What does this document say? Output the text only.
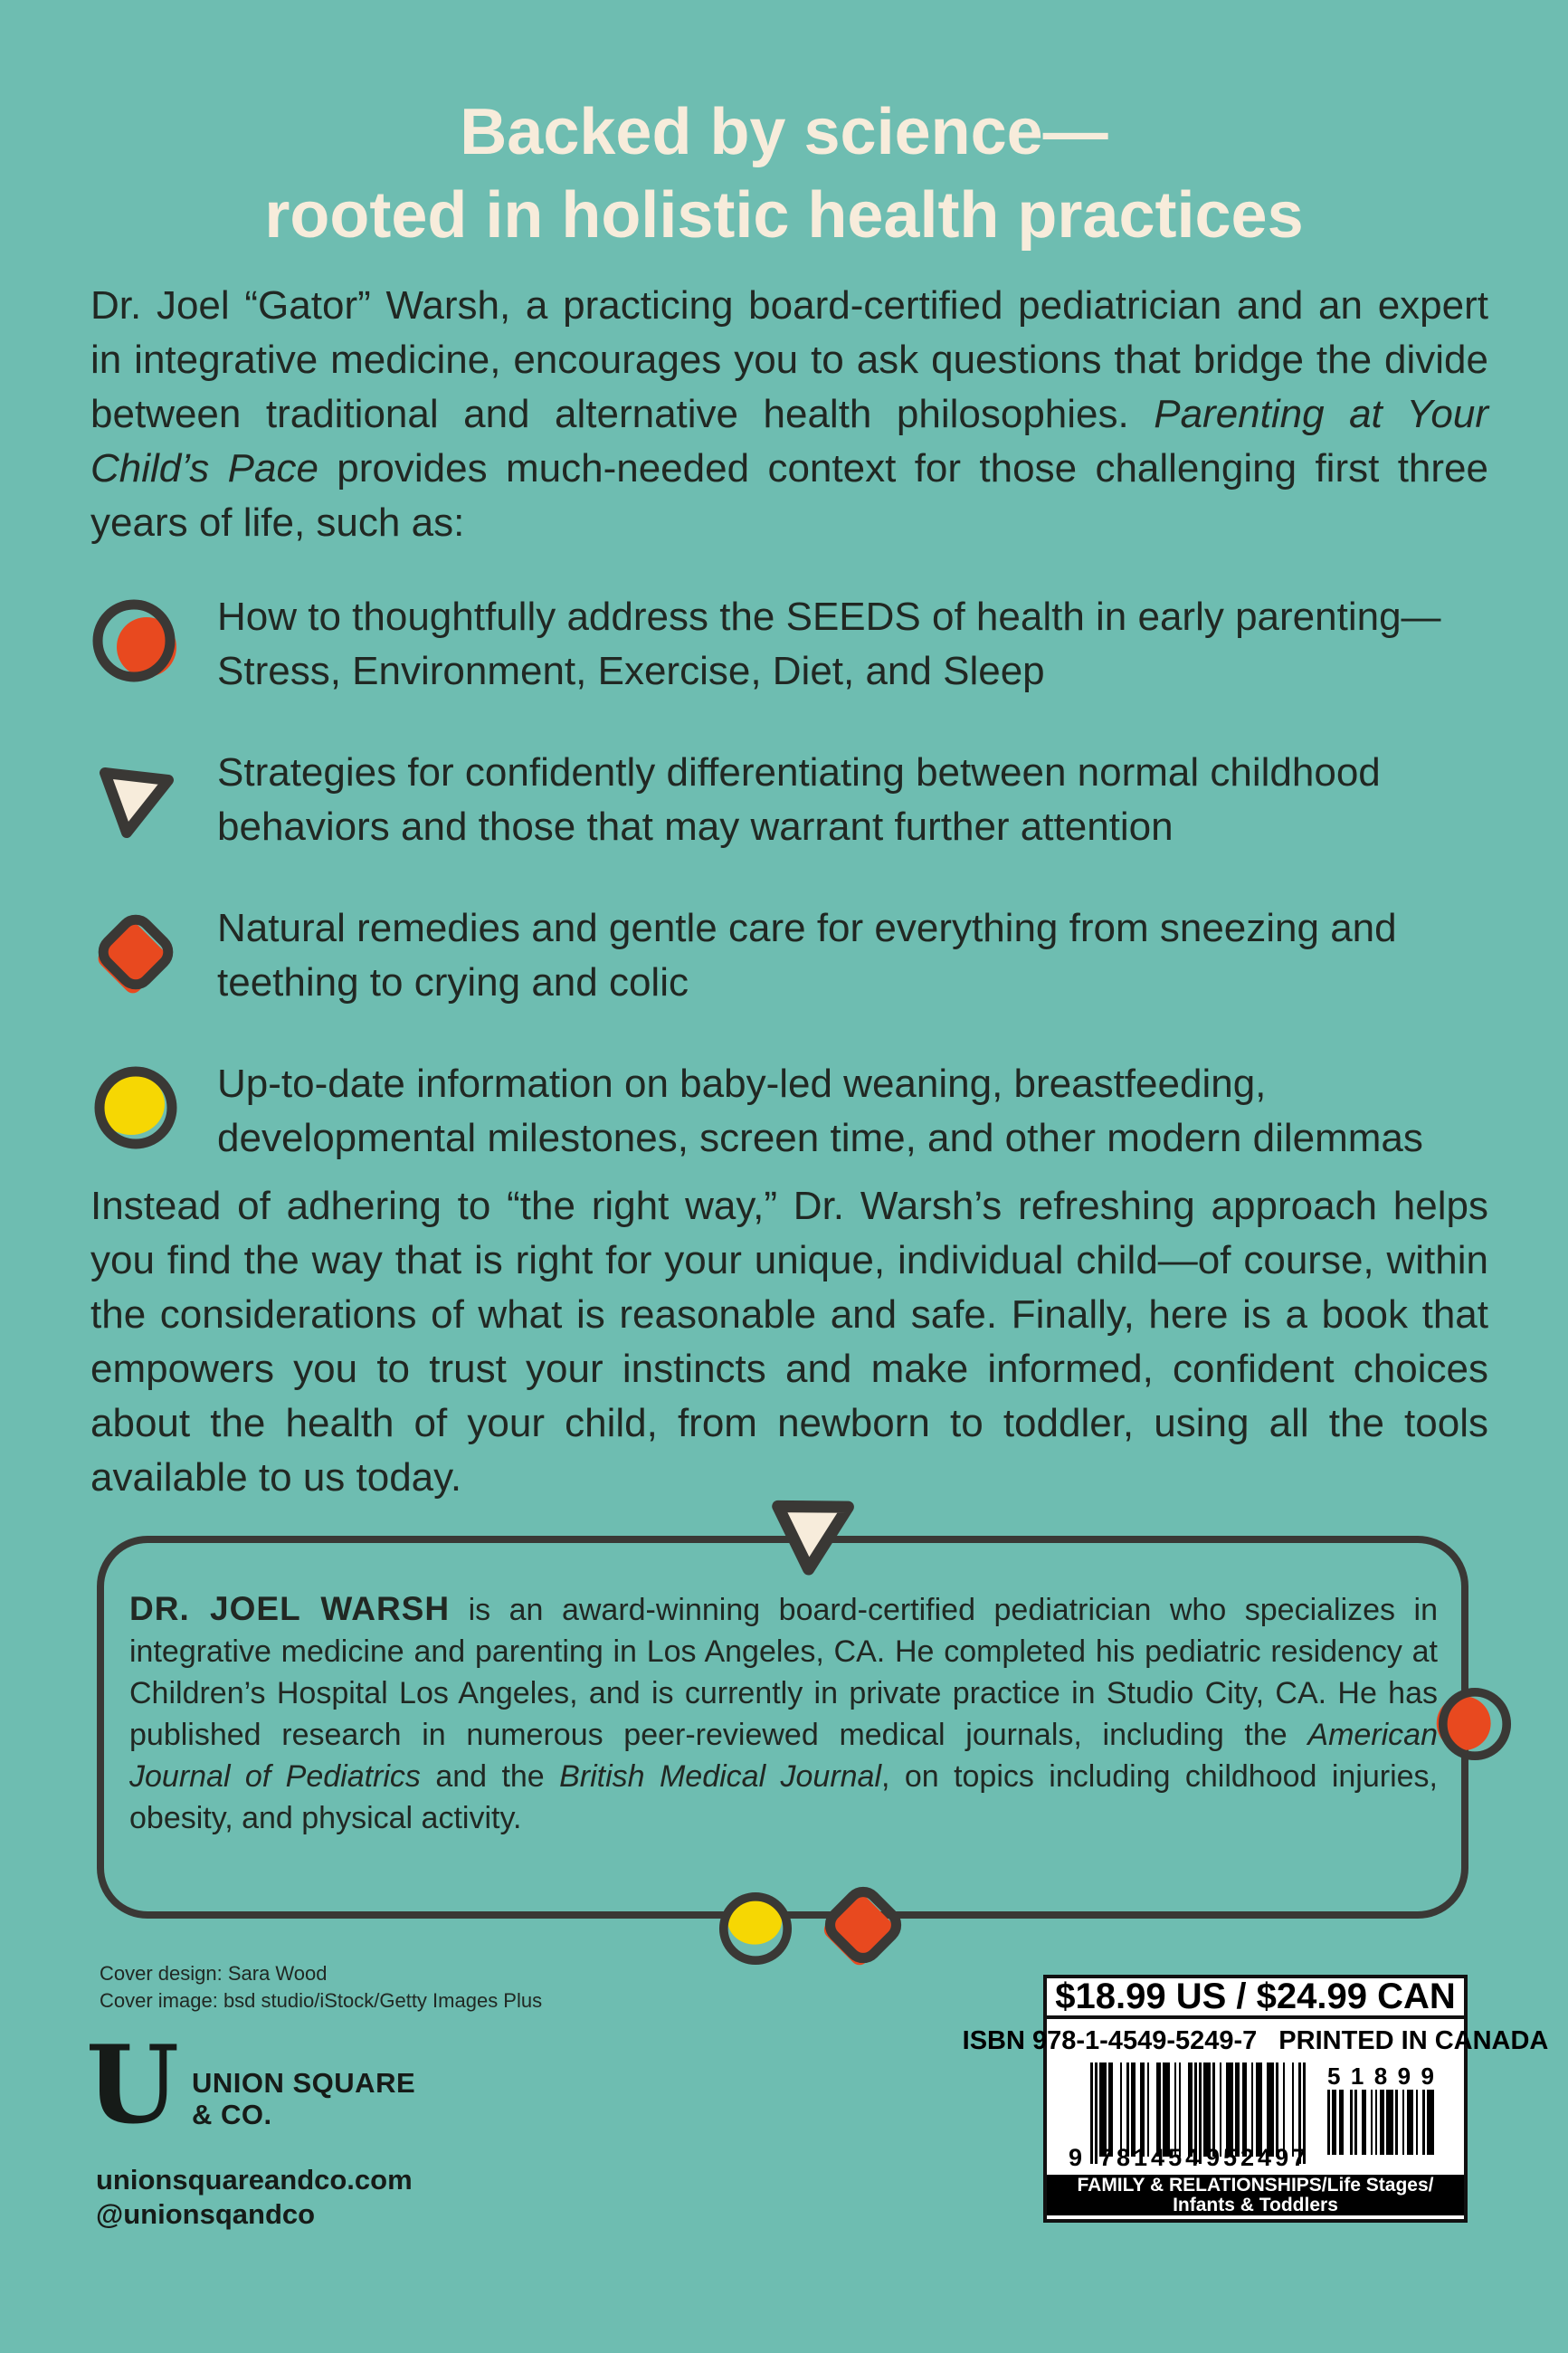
Backed by science—
rooted in holistic health practices

Dr. Joel “Gator” Warsh, a practicing board-certified pediatrician and an expert in integrative medicine, encourages you to ask questions that bridge the divide between traditional and alternative health philosophies. Parenting at Your Child’s Pace provides much-needed context for those challenging first three years of life, such as:

How to thoughtfully address the SEEDS of health in early parenting—
Stress, Environment, Exercise, Diet, and Sleep

Strategies for confidently differentiating between normal childhood
behaviors and those that may warrant further attention

Natural remedies and gentle care for everything from sneezing and
teething to crying and colic

Up-to-date information on baby-led weaning, breastfeeding,
developmental milestones, screen time, and other modern dilemmas

Instead of adhering to “the right way,” Dr. Warsh’s refreshing approach helps you find the way that is right for your unique, individual child—of course, within the considerations of what is reasonable and safe. Finally, here is a book that empowers you to trust your instincts and make informed, confident choices about the health of your child, from newborn to toddler, using all the tools available to us today.

DR. JOEL WARSH is an award-winning board-certified pediatrician who specializes in integrative medicine and parenting in Los Angeles, CA. He completed his pediatric residency at Children’s Hospital Los Angeles, and is currently in private practice in Studio City, CA. He has published research in numerous peer-reviewed medical journals, including the American Journal of Pediatrics and the British Medical Journal, on topics including childhood injuries, obesity, and physical activity.

Cover design: Sara Wood
Cover image: bsd studio/iStock/Getty Images Plus
U UNION SQUARE
& CO.
unionsquareandco.com
@unionsqandco
$18.99 US / $24.99 CAN
ISBN 978-1-4549-5249-7 PRINTED IN CANADA
9 781454 952497
5 1 8 9 9
FAMILY & RELATIONSHIPS/Life Stages/
Infants & Toddlers
